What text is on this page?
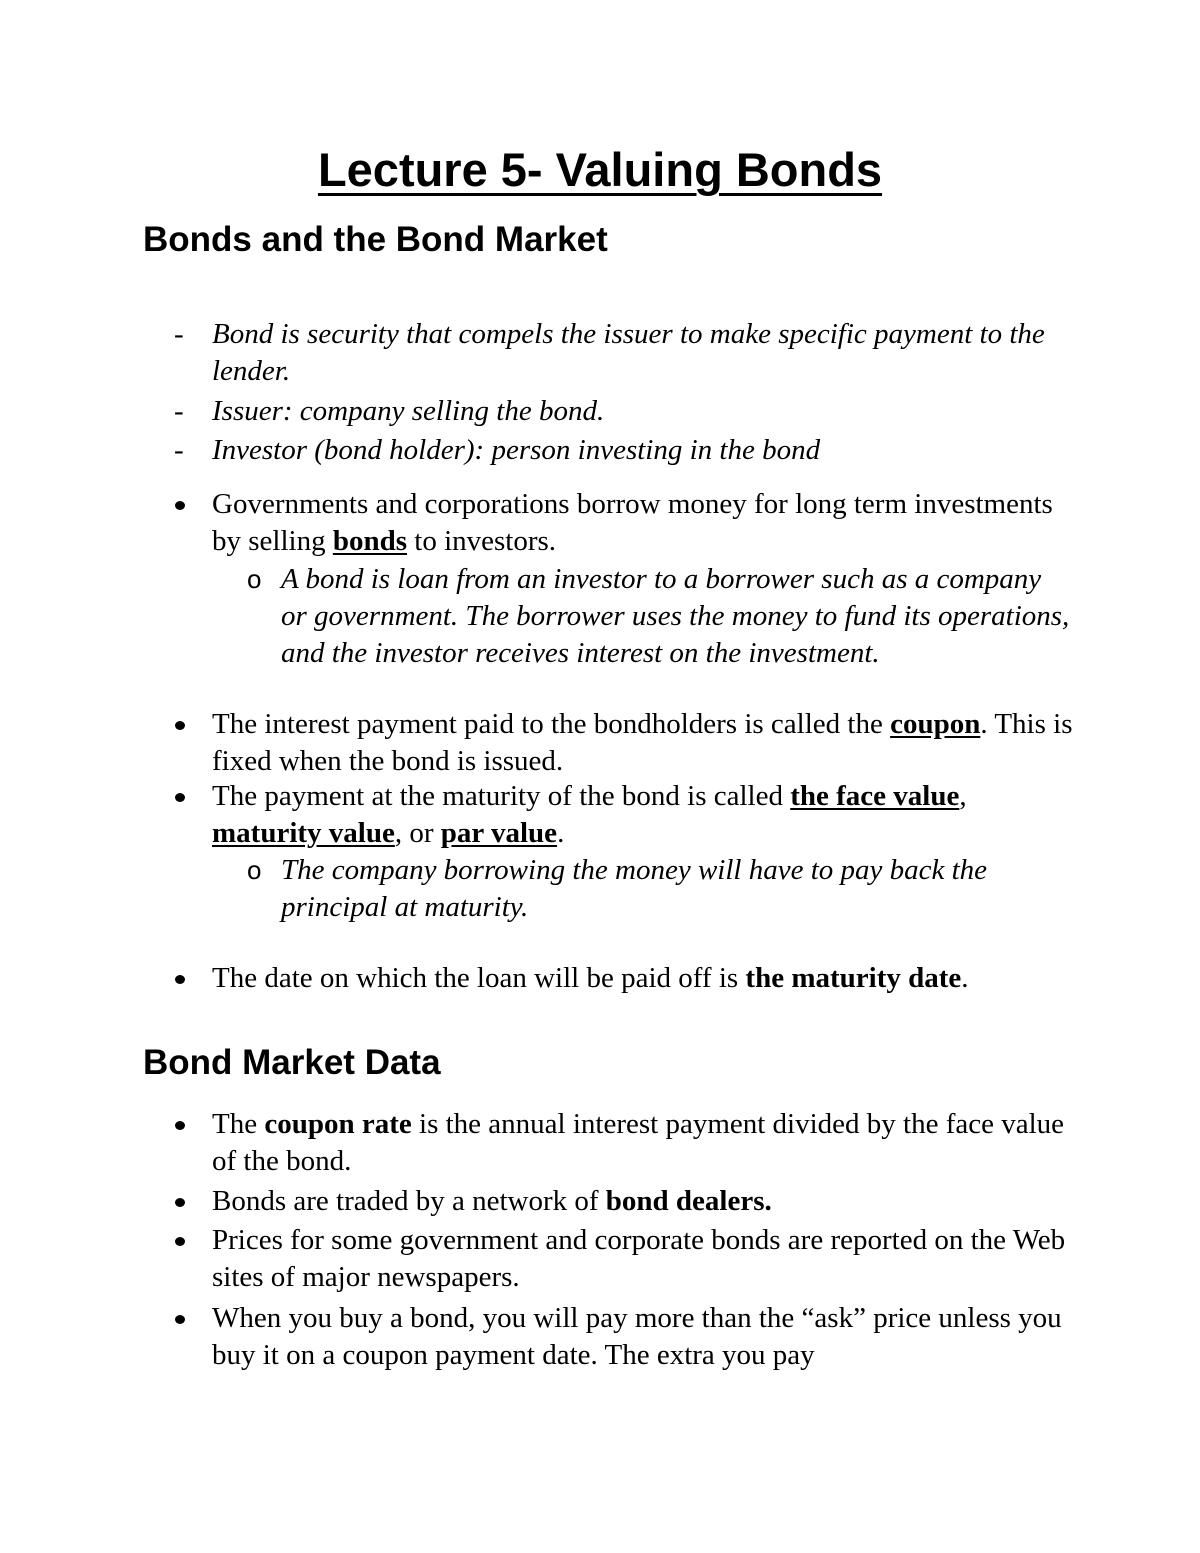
Lecture 5- Valuing Bonds
Bonds and the Bond Market
- Bond is security that compels the issuer to make specific payment to the lender.
- Issuer: company selling the bond.
- Investor (bond holder): person investing in the bond
Governments and corporations borrow money for long term investments by selling bonds to investors.
o A bond is loan from an investor to a borrower such as a company or government. The borrower uses the money to fund its operations, and the investor receives interest on the investment.
The interest payment paid to the bondholders is called the coupon. This is fixed when the bond is issued.
The payment at the maturity of the bond is called the face value, maturity value, or par value.
o The company borrowing the money will have to pay back the principal at maturity.
The date on which the loan will be paid off is the maturity date.
Bond Market Data
The coupon rate is the annual interest payment divided by the face value of the bond.
Bonds are traded by a network of bond dealers.
Prices for some government and corporate bonds are reported on the Web sites of major newspapers.
When you buy a bond, you will pay more than the “ask” price unless you buy it on a coupon payment date. The extra you pay
